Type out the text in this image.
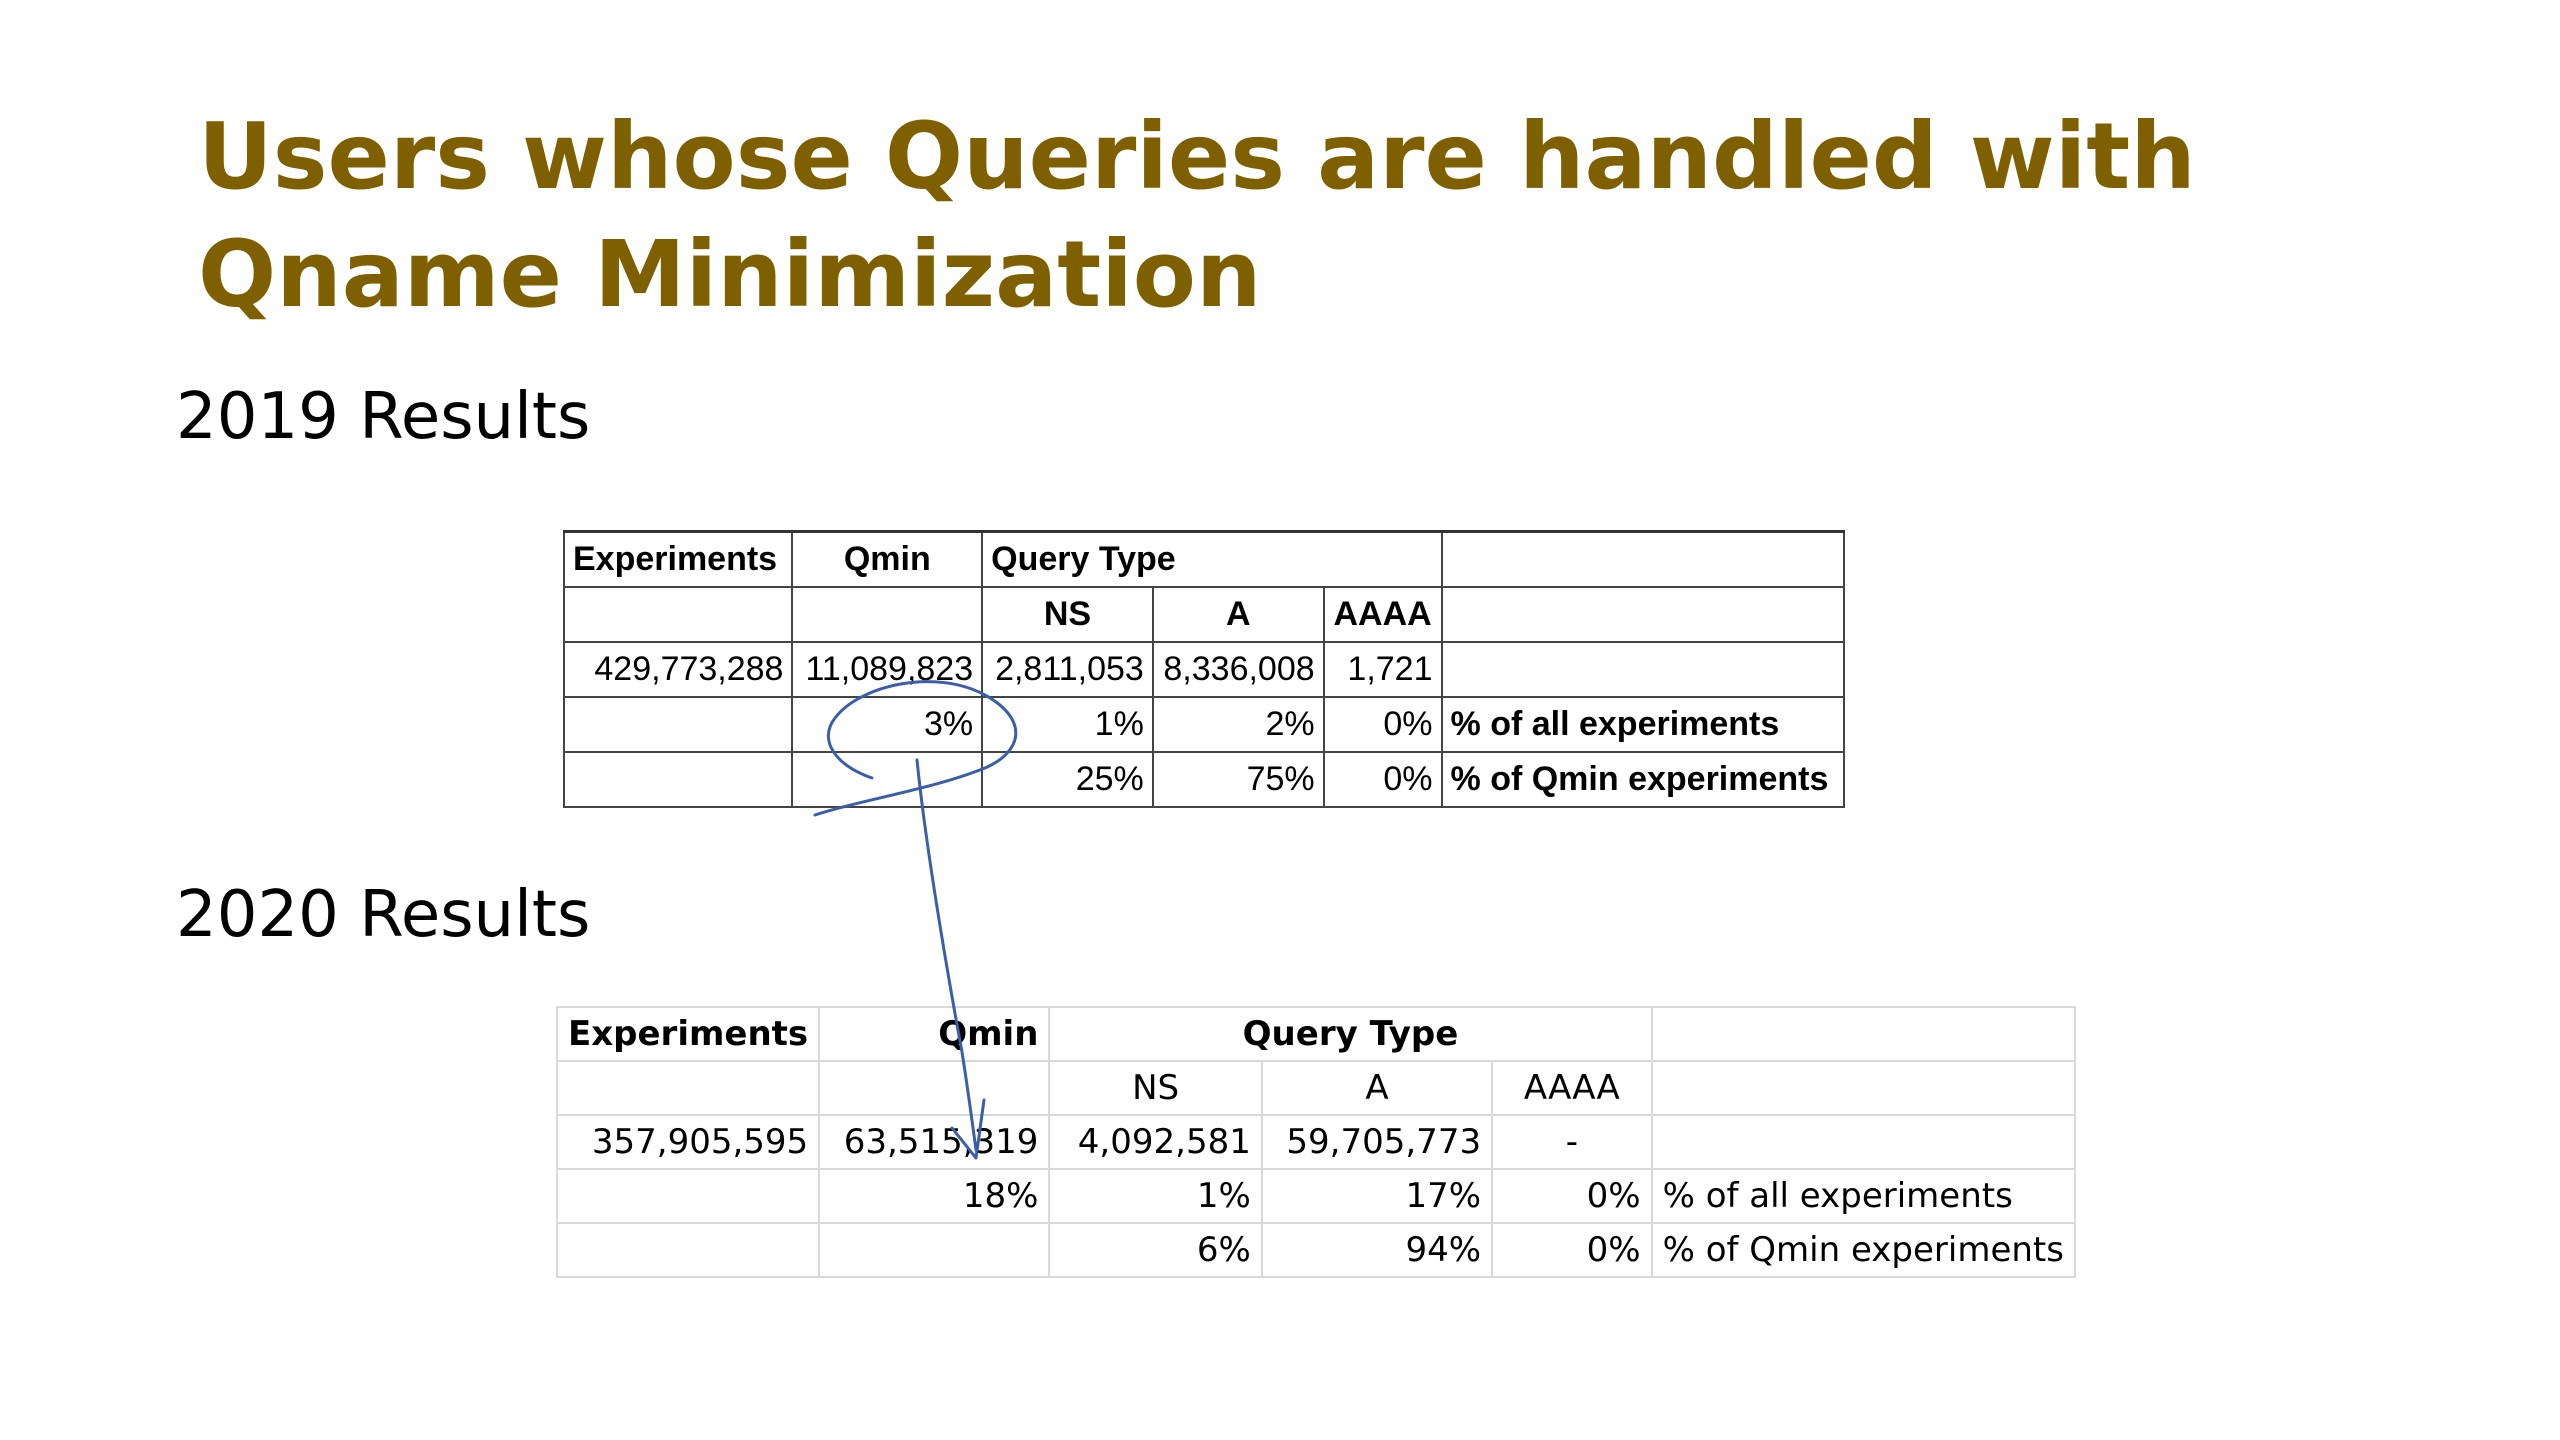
Users whose Queries are handled with Qname Minimization
2019 Results
Experiments	Qmin	Query Type			
		NS	A	AAAA	
429,773,288	11,089,823	2,811,053	8,336,008	1,721	
	3%	1%	2%	0%	% of all experiments
		25%	75%	0%	% of Qmin experiments
2020 Results
Experiments	Qmin	Query Type			
		NS	A	AAAA	
357,905,595	63,515,319	4,092,581	59,705,773	-	
	18%	1%	17%	0%	% of all experiments
		6%	94%	0%	% of Qmin experiments
